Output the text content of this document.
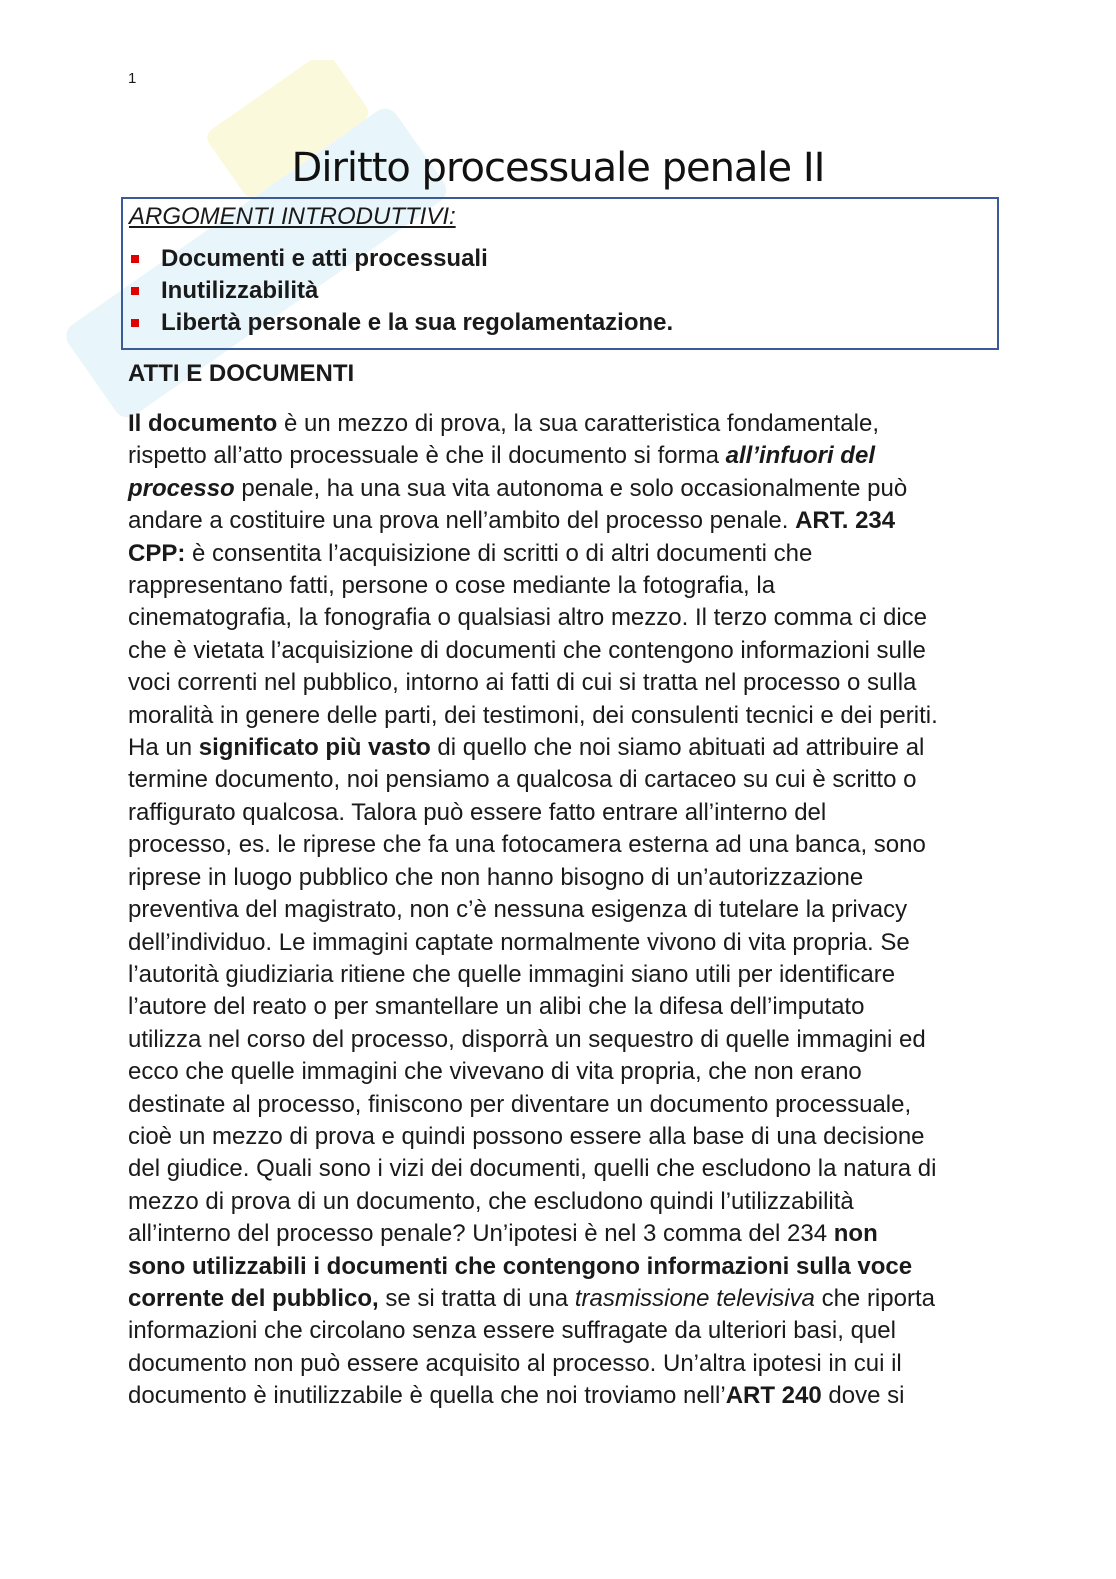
1
Diritto processuale penale II
ARGOMENTI INTRODUTTIVI:
Documenti e atti processuali
Inutilizzabilità
Libertà personale e la sua regolamentazione.
ATTI E DOCUMENTI
Il documento è un mezzo di prova, la sua caratteristica fondamentale,
rispetto all’atto processuale è che il documento si forma all’infuori del
processo penale, ha una sua vita autonoma e solo occasionalmente può
andare a costituire una prova nell’ambito del processo penale. ART. 234
CPP: è consentita l’acquisizione di scritti o di altri documenti che
rappresentano fatti, persone o cose mediante la fotografia, la
cinematografia, la fonografia o qualsiasi altro mezzo. Il terzo comma ci dice
che è vietata l’acquisizione di documenti che contengono informazioni sulle
voci correnti nel pubblico, intorno ai fatti di cui si tratta nel processo o sulla
moralità in genere delle parti, dei testimoni, dei consulenti tecnici e dei periti.
Ha un significato più vasto di quello che noi siamo abituati ad attribuire al
termine documento, noi pensiamo a qualcosa di cartaceo su cui è scritto o
raffigurato qualcosa. Talora può essere fatto entrare all’interno del
processo, es. le riprese che fa una fotocamera esterna ad una banca, sono
riprese in luogo pubblico che non hanno bisogno di un’autorizzazione
preventiva del magistrato, non c’è nessuna esigenza di tutelare la privacy
dell’individuo. Le immagini captate normalmente vivono di vita propria. Se
l’autorità giudiziaria ritiene che quelle immagini siano utili per identificare
l’autore del reato o per smantellare un alibi che la difesa dell’imputato
utilizza nel corso del processo, disporrà un sequestro di quelle immagini ed
ecco che quelle immagini che vivevano di vita propria, che non erano
destinate al processo, finiscono per diventare un documento processuale,
cioè un mezzo di prova e quindi possono essere alla base di una decisione
del giudice. Quali sono i vizi dei documenti, quelli che escludono la natura di
mezzo di prova di un documento, che escludono quindi l’utilizzabilità
all’interno del processo penale? Un’ipotesi è nel 3 comma del 234 non
sono utilizzabili i documenti che contengono informazioni sulla voce
corrente del pubblico, se si tratta di una trasmissione televisiva che riporta
informazioni che circolano senza essere suffragate da ulteriori basi, quel
documento non può essere acquisito al processo. Un’altra ipotesi in cui il
documento è inutilizzabile è quella che noi troviamo nell’ART 240 dove si
